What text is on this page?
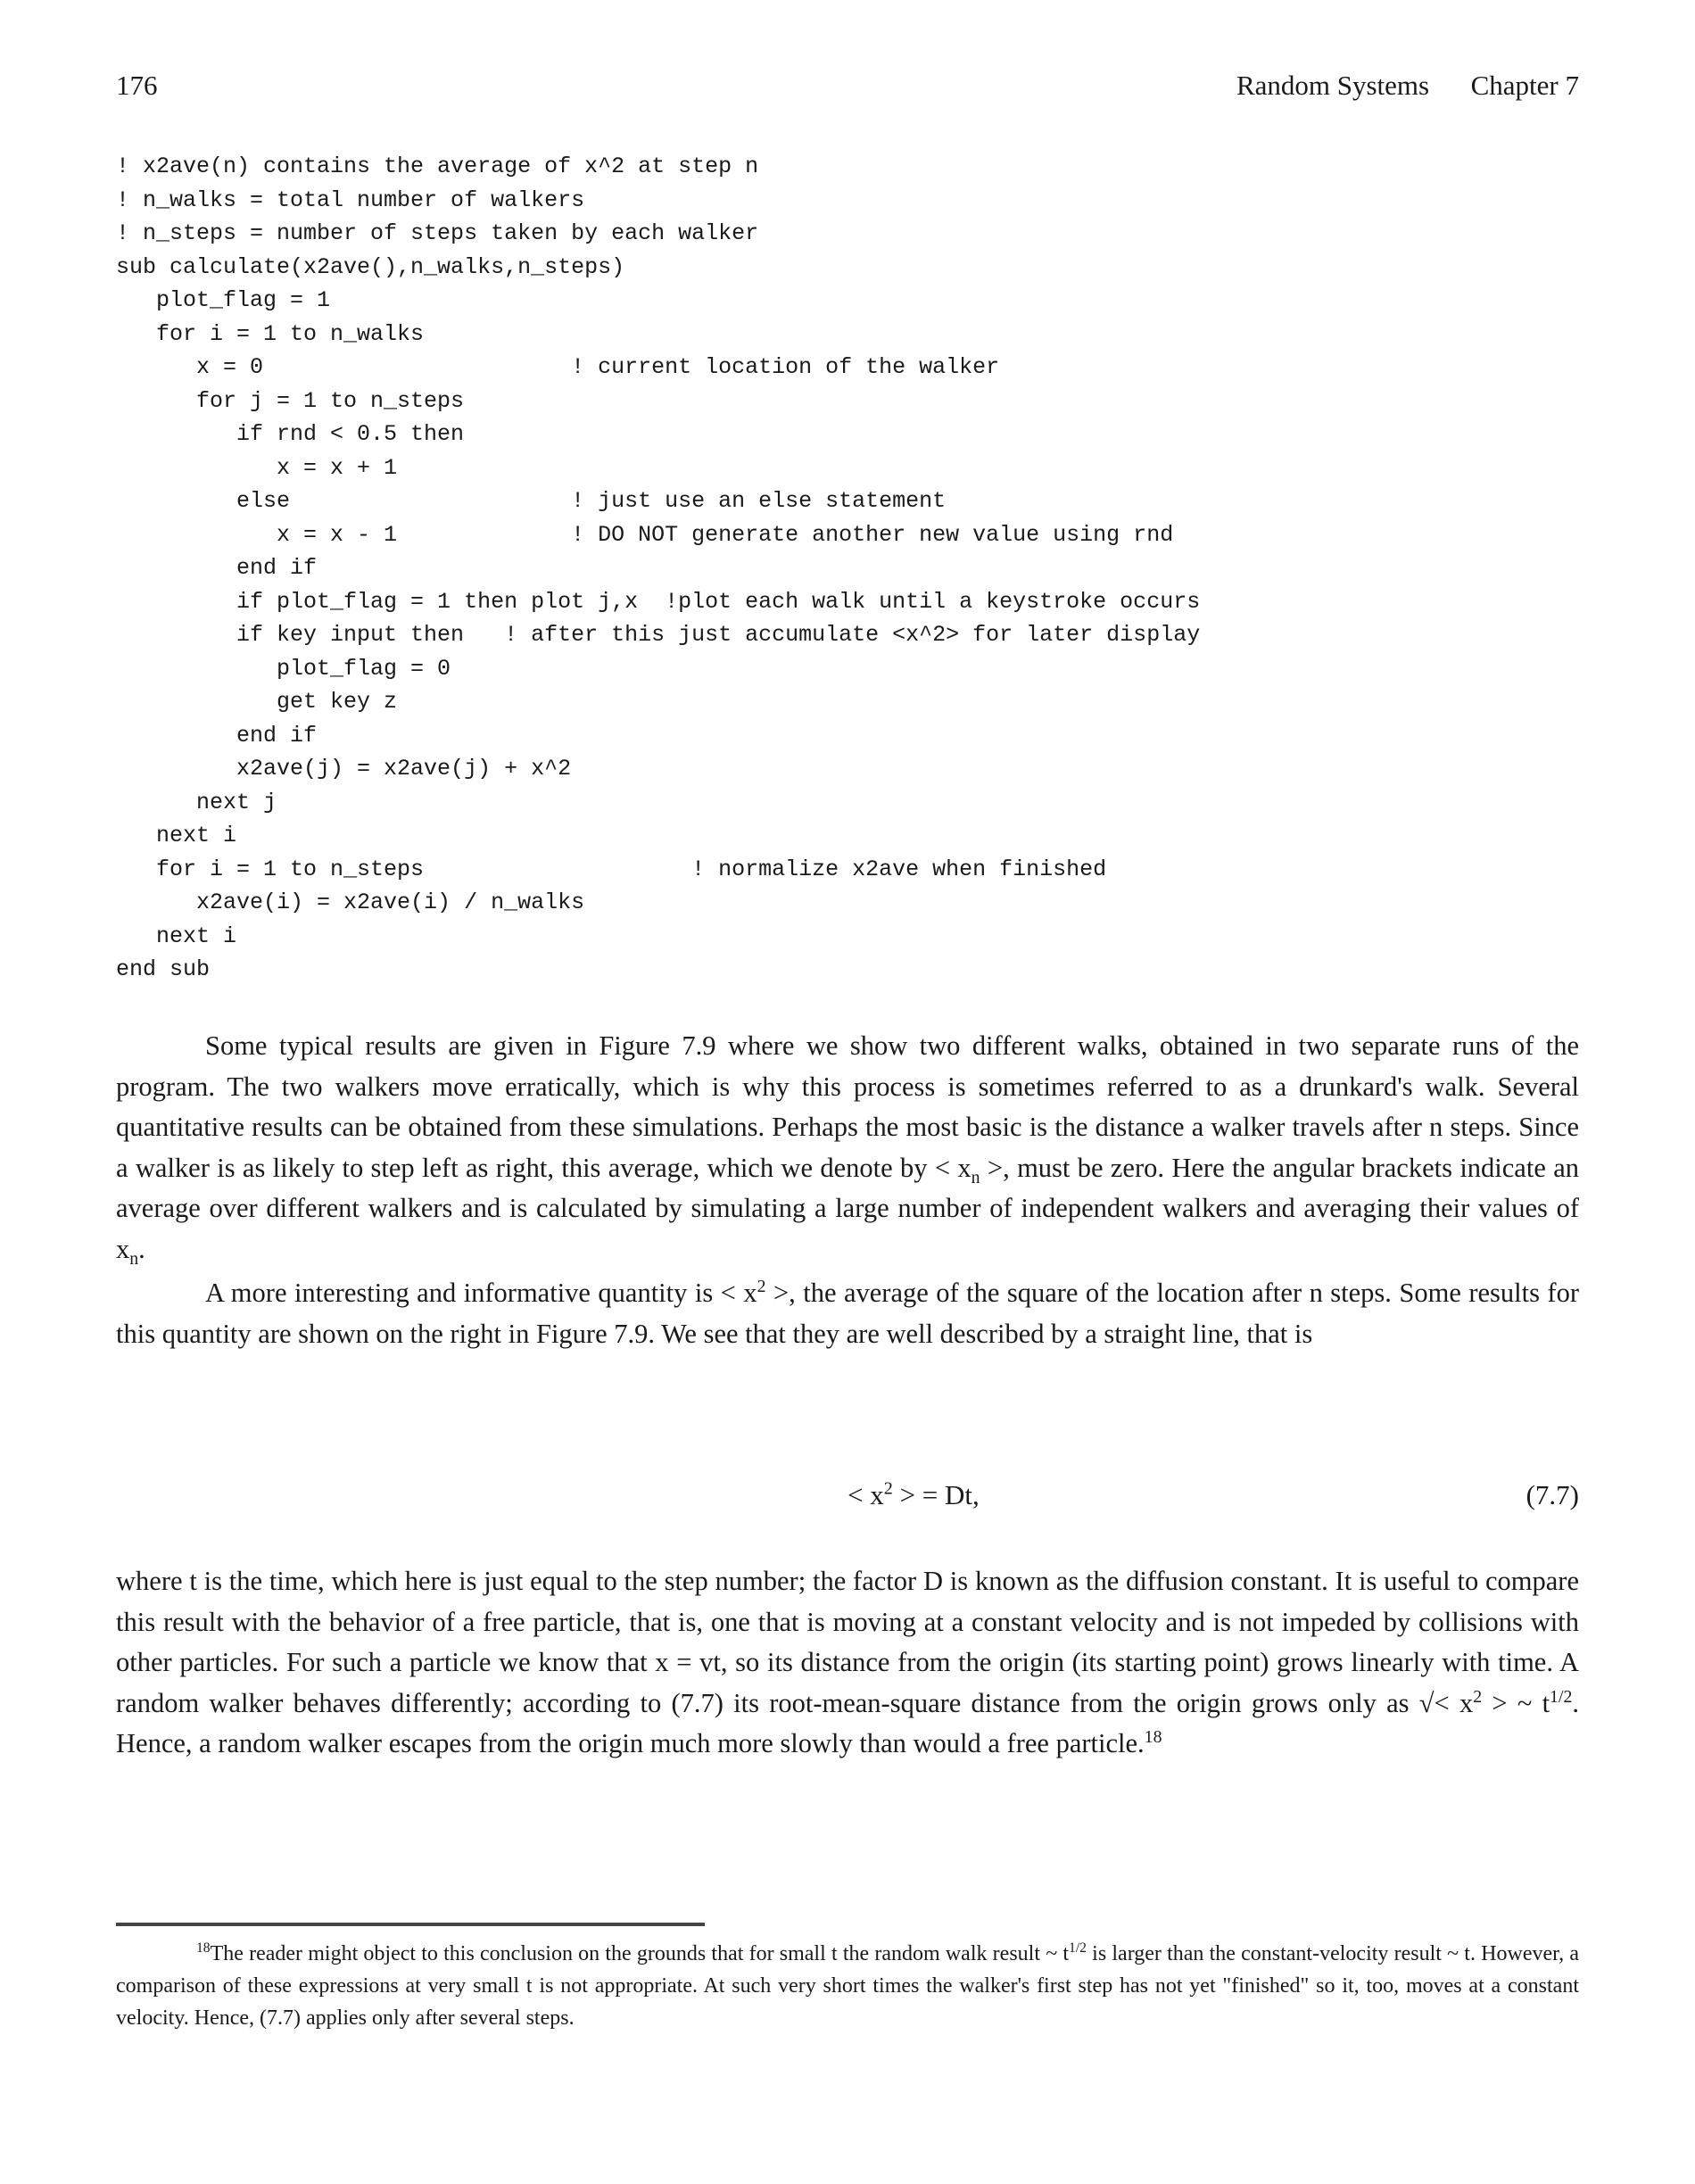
176	Random Systems      Chapter 7
! x2ave(n) contains the average of x^2 at step n
! n_walks = total number of walkers
! n_steps = number of steps taken by each walker
sub calculate(x2ave(),n_walks,n_steps)
plot_flag = 1
for i = 1 to n_walks
x = 0                       ! current location of the walker
for j = 1 to n_steps
if rnd < 0.5 then
x = x + 1
else                     ! just use an else statement
x = x - 1             ! DO NOT generate another new value using rnd
end if
if plot_flag = 1 then plot j,x  !plot each walk until a keystroke occurs
if key input then   ! after this just accumulate <x^2> for later display
plot_flag = 0
get key z
end if
x2ave(j) = x2ave(j) + x^2
next j
next i
for i = 1 to n_steps                    ! normalize x2ave when finished
x2ave(i) = x2ave(i) / n_walks
next i
end sub

Some typical results are given in Figure 7.9 where we show two different walks, obtained in two separate runs of the program. The two walkers move erratically, which is why this process is sometimes referred to as a drunkard's walk. Several quantitative results can be obtained from these simulations. Perhaps the most basic is the distance a walker travels after n steps. Since a walker is as likely to step left as right, this average, which we denote by < $x_n$ >, must be zero. Here the angular brackets indicate an average over different walkers and is calculated by simulating a large number of independent walkers and averaging their values of $x_n$.

A more interesting and informative quantity is < $x^2$ >, the average of the square of the location after n steps. Some results for this quantity are shown on the right in Figure 7.9. We see that they are well described by a straight line, that is

< $x^2$ > = Dt,	(7.7)

where t is the time, which here is just equal to the step number; the factor D is known as the diffusion constant. It is useful to compare this result with the behavior of a free particle, that is, one that is moving at a constant velocity and is not impeded by collisions with other particles. For such a particle we know that x = vt, so its distance from the origin (its starting point) grows linearly with time. A random walker behaves differently; according to (7.7) its root-mean-square distance from the origin grows only as √< $x^2$ > ~ $t^{1/2}$. Hence, a random walker escapes from the origin much more slowly than would a free particle.$^{18}$

$^{18}$The reader might object to this conclusion on the grounds that for small t the random walk result ~ $t^{1/2}$ is larger than the constant-velocity result ~ t. However, a comparison of these expressions at very small t is not appropriate. At such very short times the walker's first step has not yet "finished" so it, too, moves at a constant velocity. Hence, (7.7) applies only after several steps.
